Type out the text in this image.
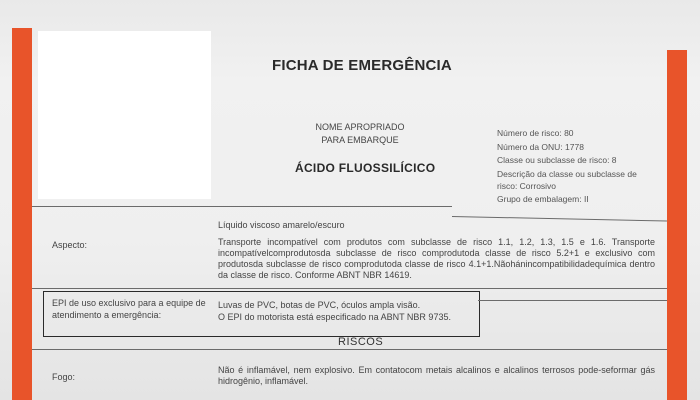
FICHA DE EMERGÊNCIA
NOME APROPRIADO
PARA EMBARQUE
ÁCIDO FLUOSSILÍCICO
Número de risco: 80
Número da ONU: 1778
Classe ou subclasse de risco: 8
Descrição da classe ou subclasse de risco: Corrosivo
Grupo de embalagem: II
Aspecto:

Líquido viscoso amarelo/escuro

Transporte incompatível com produtos com subclasse de risco 1.1, 1.2, 1.3, 1.5 e 1.6. Transporte incompatívelcomprodutosda subclasse de risco comprodutoda classe de risco 5.2+1 e exclusivo com produtosda subclasse de risco comprodutoda classe de risco 4.1+1.Nãohánincompatibilidadequímica dentro da classe de risco. Conforme ABNT NBR 14619.

EPI de uso exclusivo para a equipe de atendimento a emergência:
Luvas de PVC, botas de PVC, óculos ampla visão.
O EPI do motorista está especificado na ABNT NBR 9735.
RISCOS
Fogo:
Não é inflamável, nem explosivo. Em contatocom metais alcalinos e alcalinos terrosos pode-seformar gás hidrogênio, inflamável.
